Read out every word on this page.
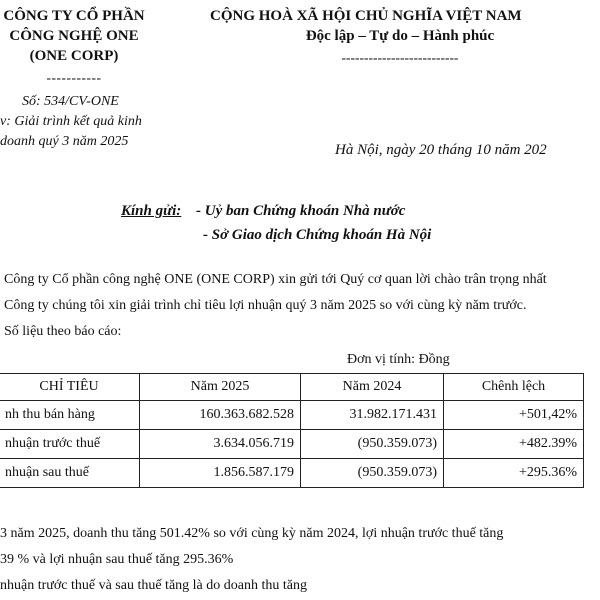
CÔNG TY CỔ PHẦN
CÔNG NGHỆ ONE
(ONE CORP)
-----------
Số: 534/CV-ONE
v: Giải trình kết quả kinh
doanh quý 3 năm 2025
CỘNG HOÀ XÃ HỘI CHỦ NGHĨA VIỆT NAM
Độc lập – Tự do – Hành phúc
--------------------------
Hà Nội, ngày 20 tháng 10 năm 202
Kính gửi: - Uỷ ban Chứng khoán Nhà nước
- Sở Giao dịch Chứng khoán Hà Nội
Công ty Cổ phần công nghệ ONE (ONE CORP) xin gửi tới Quý cơ quan lời chào trân trọng nhất
Công ty chúng tôi xin giải trình chỉ tiêu lợi nhuận quý 3 năm 2025 so với cùng kỳ năm trước.
Số liệu theo báo cáo:
Đơn vị tính: Đồng
CHỈ TIÊU	Năm 2025	Năm 2024	Chênh lệch
nh thu bán hàng	160.363.682.528	31.982.171.431	+501,42%
nhuận trước thuế	3.634.056.719	(950.359.073)	+482.39%
nhuận sau thuế	1.856.587.179	(950.359.073)	+295.36%
3 năm 2025, doanh thu tăng 501.42% so với cùng kỳ năm 2024, lợi nhuận trước thuế tăng
39 % và lợi nhuận sau thuế tăng 295.36%
nhuận trước thuế và sau thuế tăng là do doanh thu tăng
